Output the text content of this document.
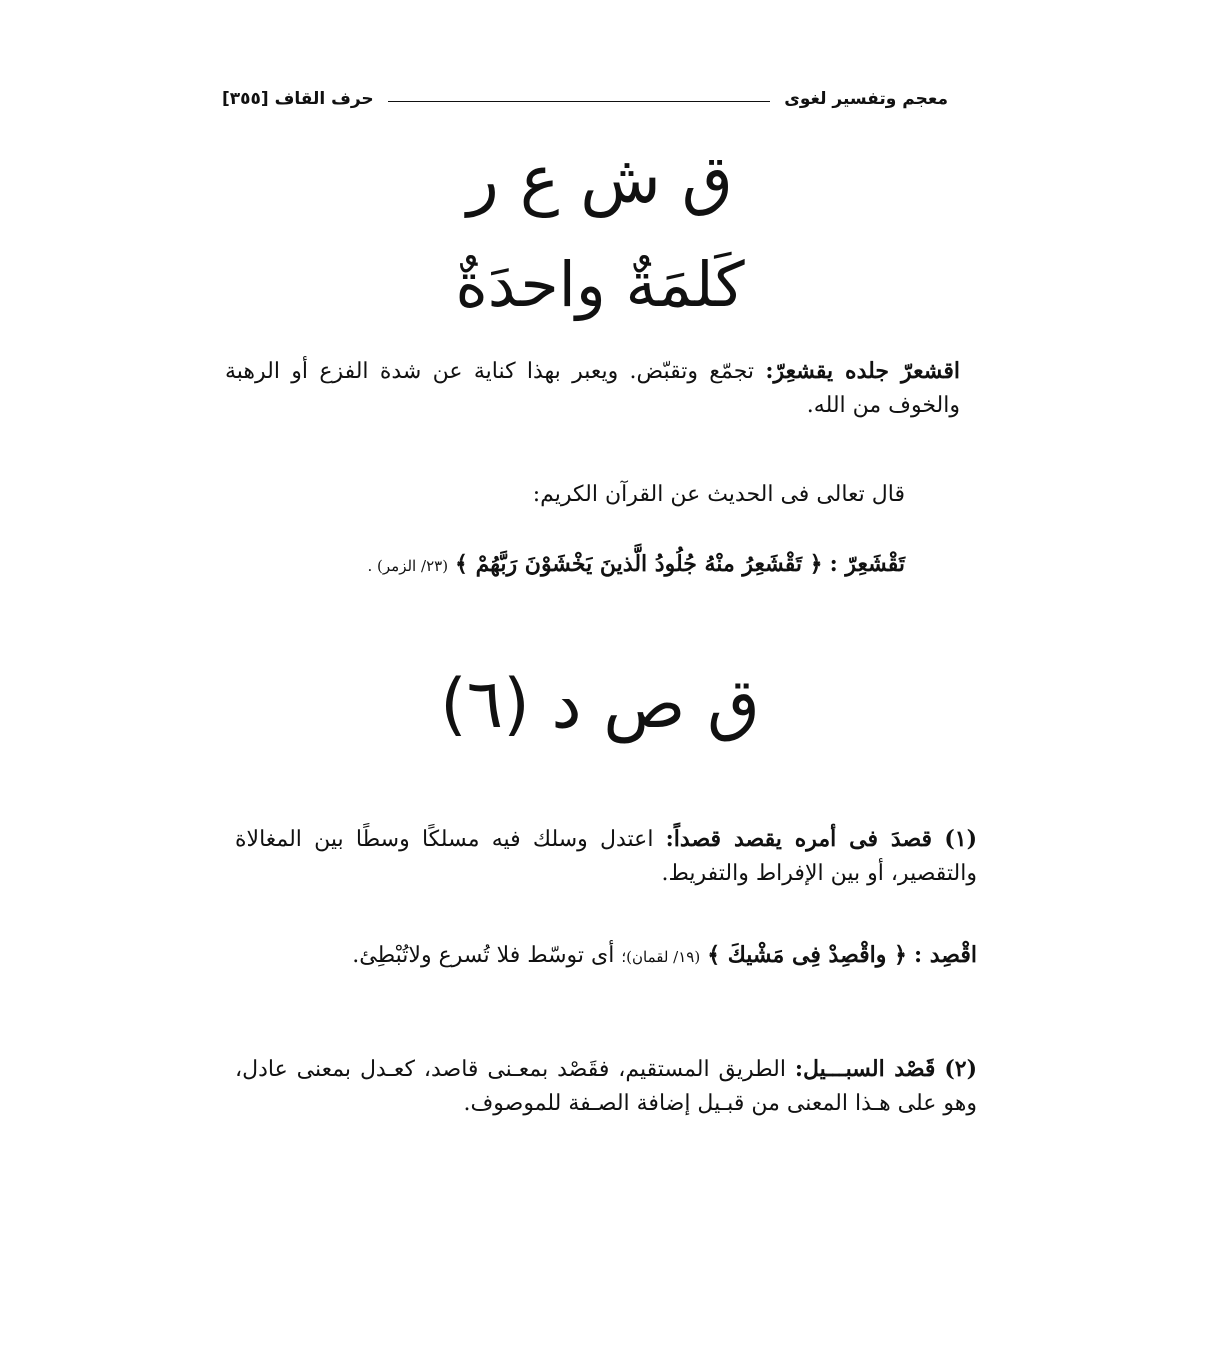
معجم وتفسير لغوى
حرف القاف [٣٥٥]
ق ش ع ر
كَلمَةٌ واحدَةٌ
اقشعرّ جلده يقشعِرّ: تجمّع وتقبّض. ويعبر بهذا كناية عن شدة الفزع أو الرهبة والخوف من الله.
قال تعالى فى الحديث عن القرآن الكريم:
تَقْشَعِرّ : ﴿ تَقْشَعِرُ منْهُ جُلُودُ الَّذينَ يَخْشَوْنَ رَبَّهُمْ ﴾ (٢٣/ الزمر) .
ق ص د (٦)
(١) قصدَ فى أمره يقصد قصداً: اعتدل وسلك فيه مسلكًا وسطًا بين المغالاة والتقصير، أو بين الإفراط والتفريط.
اقْصِد : ﴿ واقْصِدْ فِى مَشْيكَ ﴾ (١٩/ لقمان)؛ أى توسّط فلا تُسرع ولاتُبْطِئ.
(٢) قَصْد السبـــيل: الطريق المستقيم، فقَصْد بمعـنى قاصد، كعـدل بمعنى عادل، وهو على هـذا المعنى من قبـيل إضافة الصـفة للموصوف.
